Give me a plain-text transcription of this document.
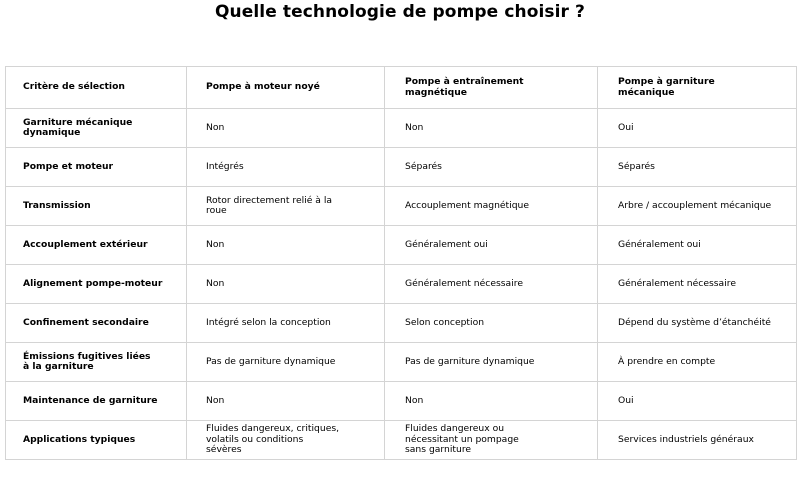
Quelle technologie de pompe choisir ?
Critère de sélection	Pompe à moteur noyé	Pompe à entraînement magnétique	Pompe à garniture mécanique

Garniture mécanique dynamique	Non	Non	Oui
Pompe et moteur	Intégrés	Séparés	Séparés
Transmission	Rotor directement relié à la roue	Accouplement magnétique	Arbre / accouplement mécanique
Accouplement extérieur	Non	Généralement oui	Généralement oui
Alignement pompe-moteur	Non	Généralement nécessaire	Généralement nécessaire
Confinement secondaire	Intégré selon la conception	Selon conception	Dépend du système d’étanchéité

Émissions fugitives liées à la garniture	Pas de garniture dynamique	Pas de garniture dynamique	À prendre en compte
Maintenance de garniture	Non	Non	Oui
Applications typiques	Fluides dangereux, critiques, volatils ou conditions sévères	Fluides dangereux ou nécessitant un pompage sans garniture	Services industriels généraux
